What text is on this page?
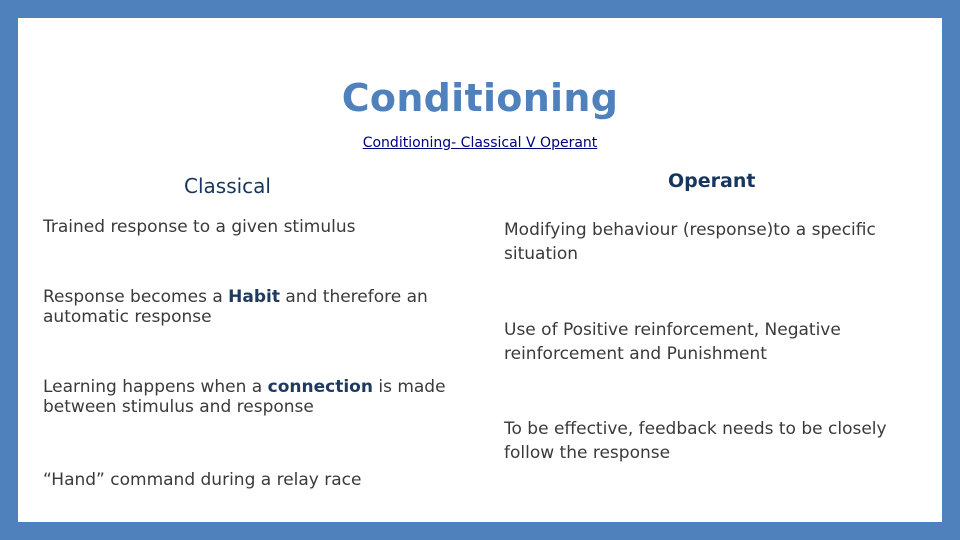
Conditioning
Conditioning- Classical V Operant
Classical	Operant
Trained response to a given stimulus
Response becomes a Habit and therefore an automatic response
Learning happens when a connection is made between stimulus and response
“Hand” command during a relay race
Modifying behaviour (response)to a specific situation
Use of Positive reinforcement, Negative reinforcement and Punishment
To be effective, feedback needs to be closely follow the response
